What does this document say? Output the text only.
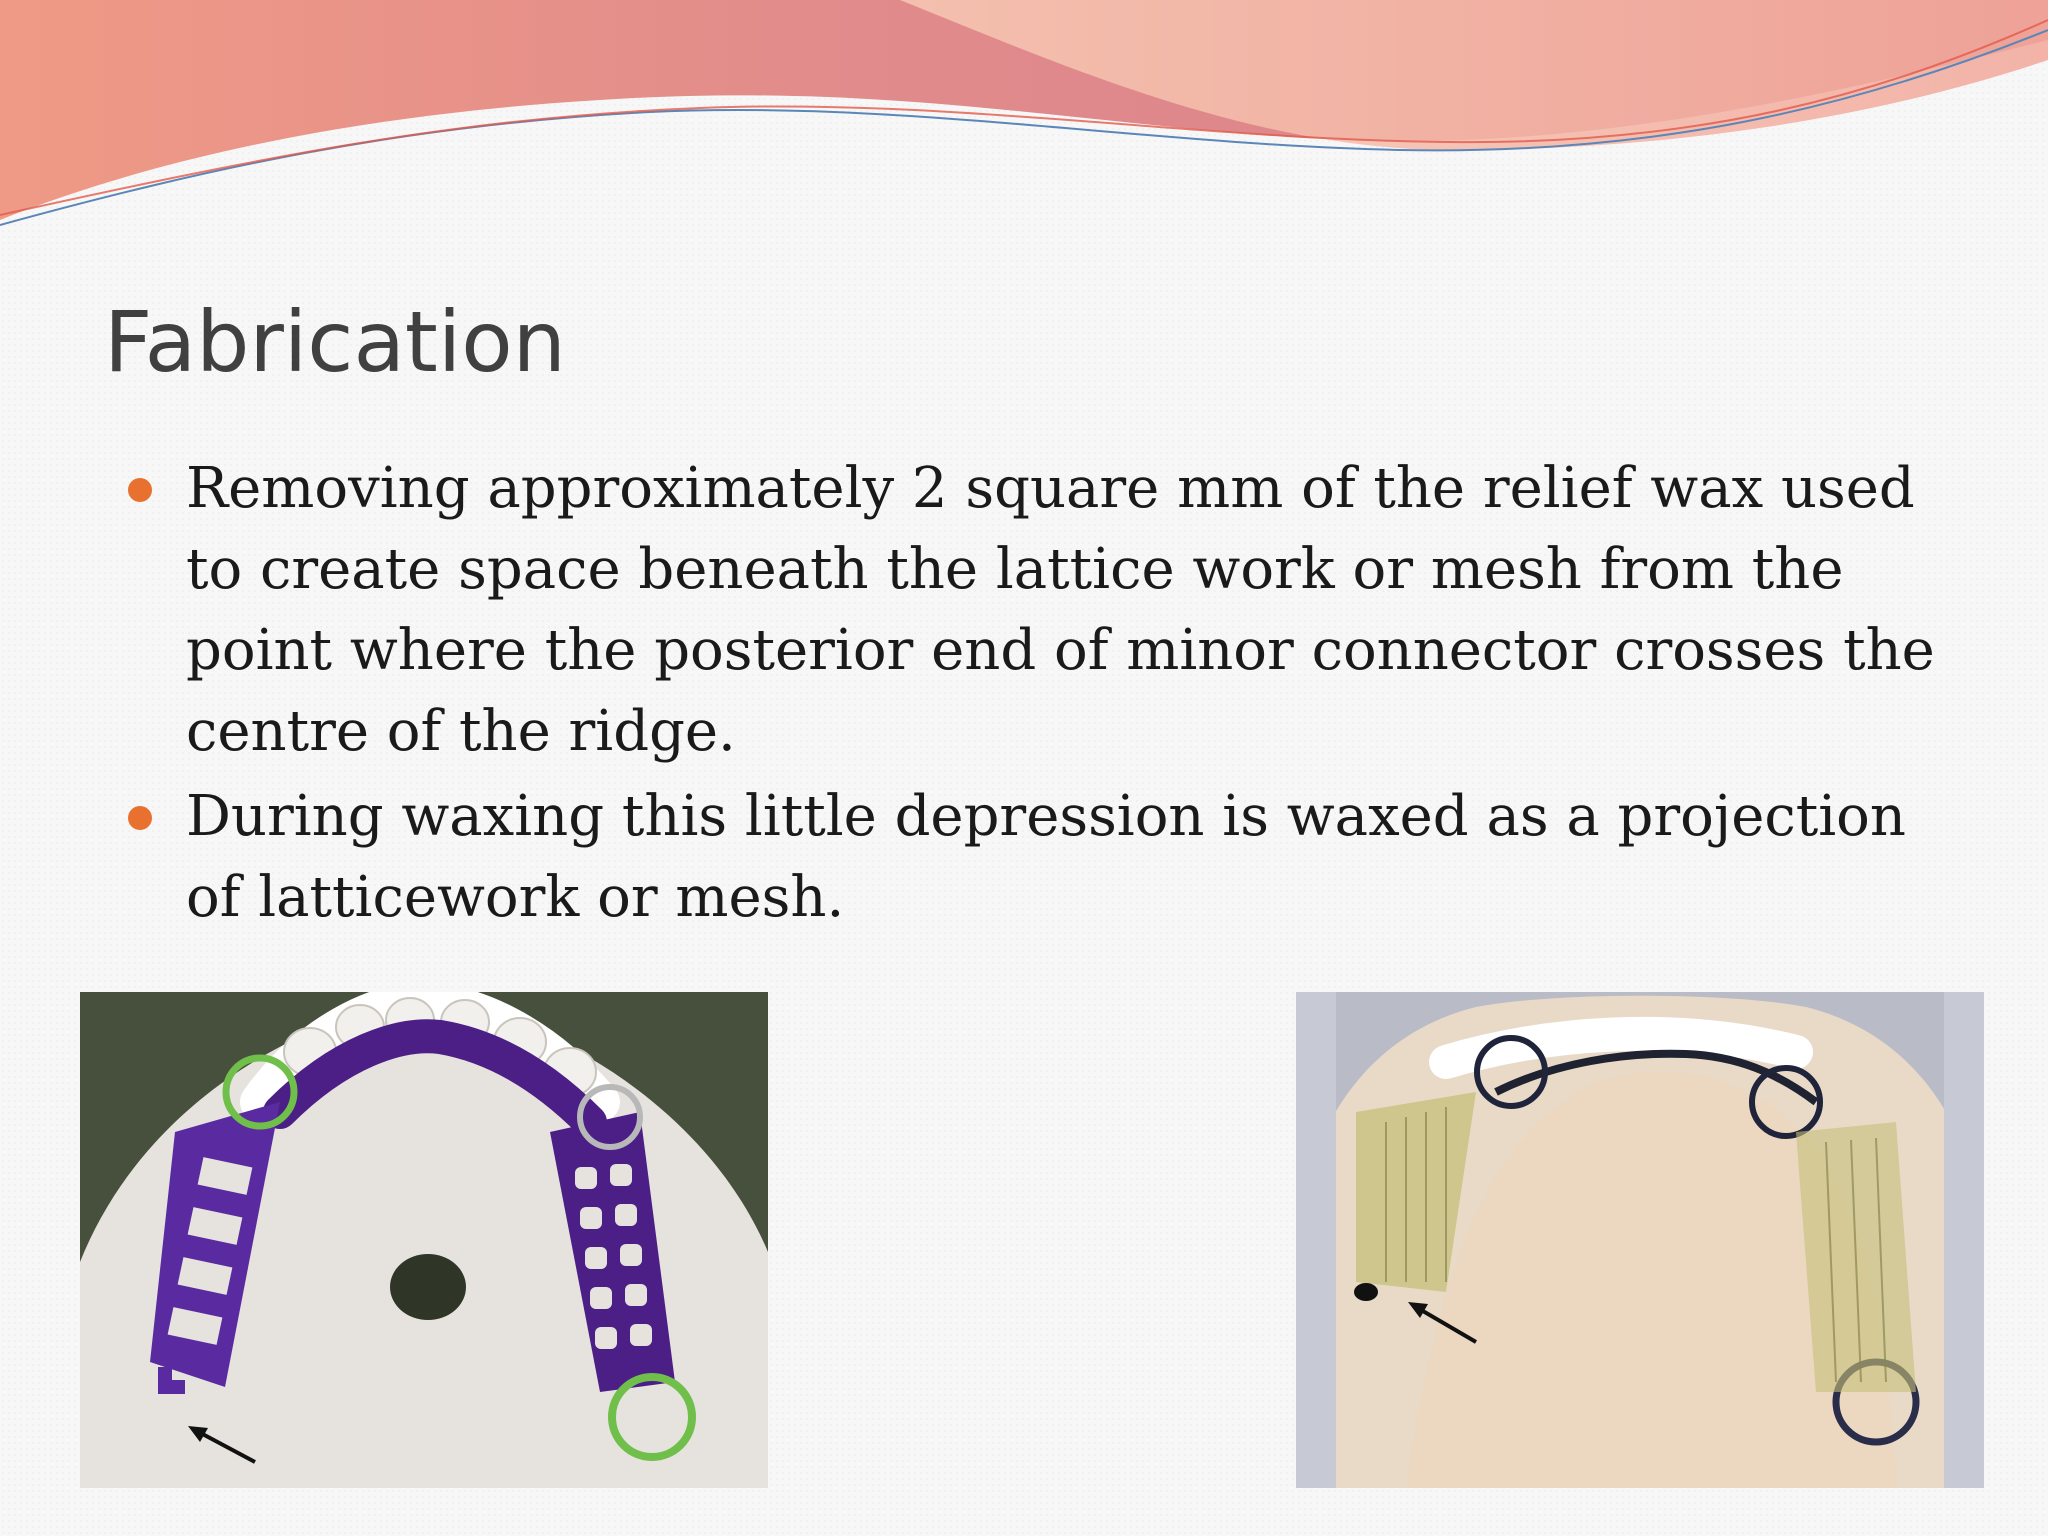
Fabrication
Removing approximately 2 square mm of the relief wax used to create space beneath the lattice work or mesh from the point where the posterior end of minor connector crosses the centre of the ridge.
During waxing this little depression is waxed as a projection of latticework or mesh.
